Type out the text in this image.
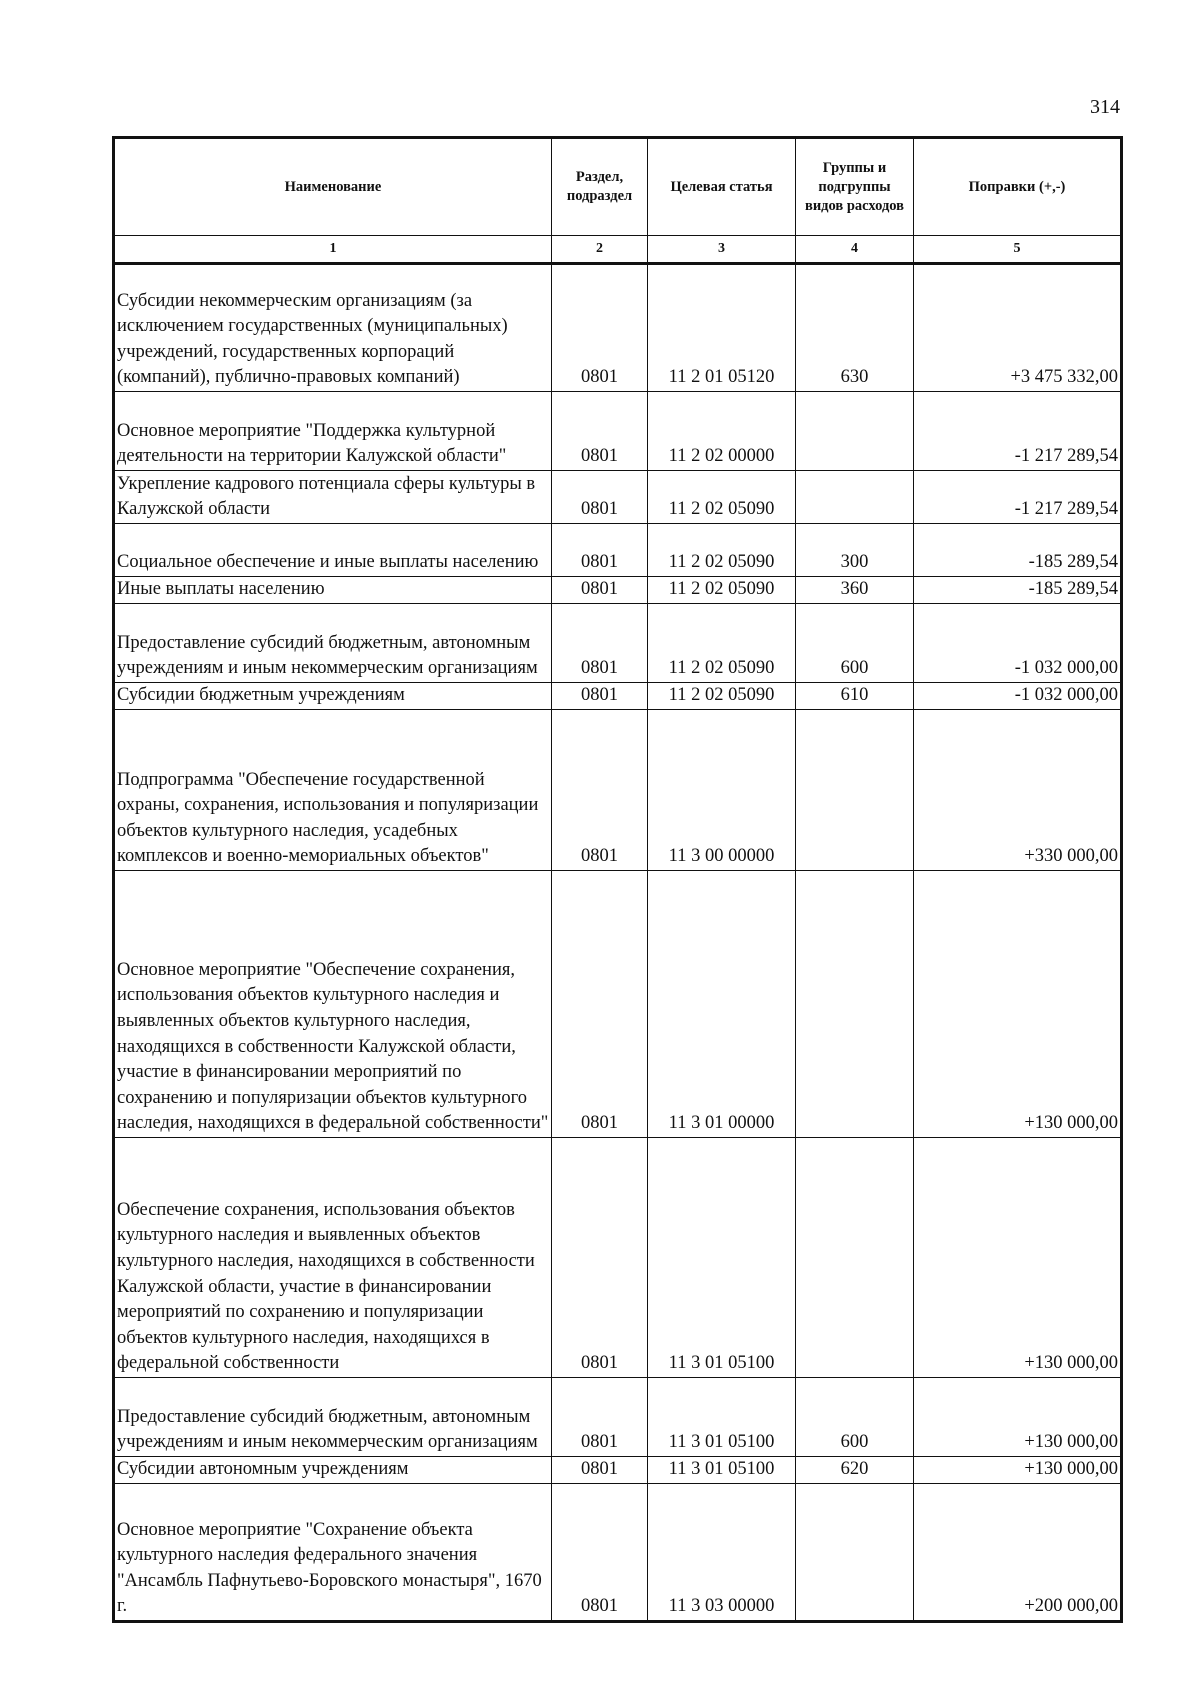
314
Наименование	Раздел, подраздел	Целевая статья	Группы и подгруппы видов расходов	Поправки (+,-)
1	2	3	4	5
Субсидии некоммерческим организациям (за исключением государственных (муниципальных) учреждений, государственных корпораций (компаний), публично-правовых компаний)	0801	11 2 01 05120	630	+3 475 332,00
Основное мероприятие "Поддержка культурной деятельности на территории Калужской области"	0801	11 2 02 00000		-1 217 289,54
Укрепление кадрового потенциала сферы культуры в Калужской области	0801	11 2 02 05090		-1 217 289,54
Социальное обеспечение и иные выплаты населению	0801	11 2 02 05090	300	-185 289,54
Иные выплаты населению	0801	11 2 02 05090	360	-185 289,54
Предоставление субсидий бюджетным, автономным учреждениям и иным некоммерческим организациям	0801	11 2 02 05090	600	-1 032 000,00
Субсидии бюджетным учреждениям	0801	11 2 02 05090	610	-1 032 000,00
Подпрограмма "Обеспечение государственной охраны, сохранения, использования и популяризации объектов культурного наследия, усадебных комплексов и военно-мемориальных объектов"	0801	11 3 00 00000		+330 000,00
Основное мероприятие "Обеспечение сохранения, использования объектов культурного наследия и выявленных объектов культурного наследия, находящихся в собственности Калужской области, участие в финансировании мероприятий по сохранению и популяризации объектов культурного наследия, находящихся в федеральной собственности"	0801	11 3 01 00000		+130 000,00
Обеспечение сохранения, использования объектов культурного наследия и выявленных объектов культурного наследия, находящихся в собственности Калужской области, участие в финансировании мероприятий по сохранению и популяризации объектов культурного наследия, находящихся в федеральной собственности	0801	11 3 01 05100		+130 000,00
Предоставление субсидий бюджетным, автономным учреждениям и иным некоммерческим организациям	0801	11 3 01 05100	600	+130 000,00
Субсидии автономным учреждениям	0801	11 3 01 05100	620	+130 000,00
Основное мероприятие "Сохранение объекта культурного наследия федерального значения "Ансамбль Пафнутьево-Боровского монастыря", 1670 г.	0801	11 3 03 00000		+200 000,00
